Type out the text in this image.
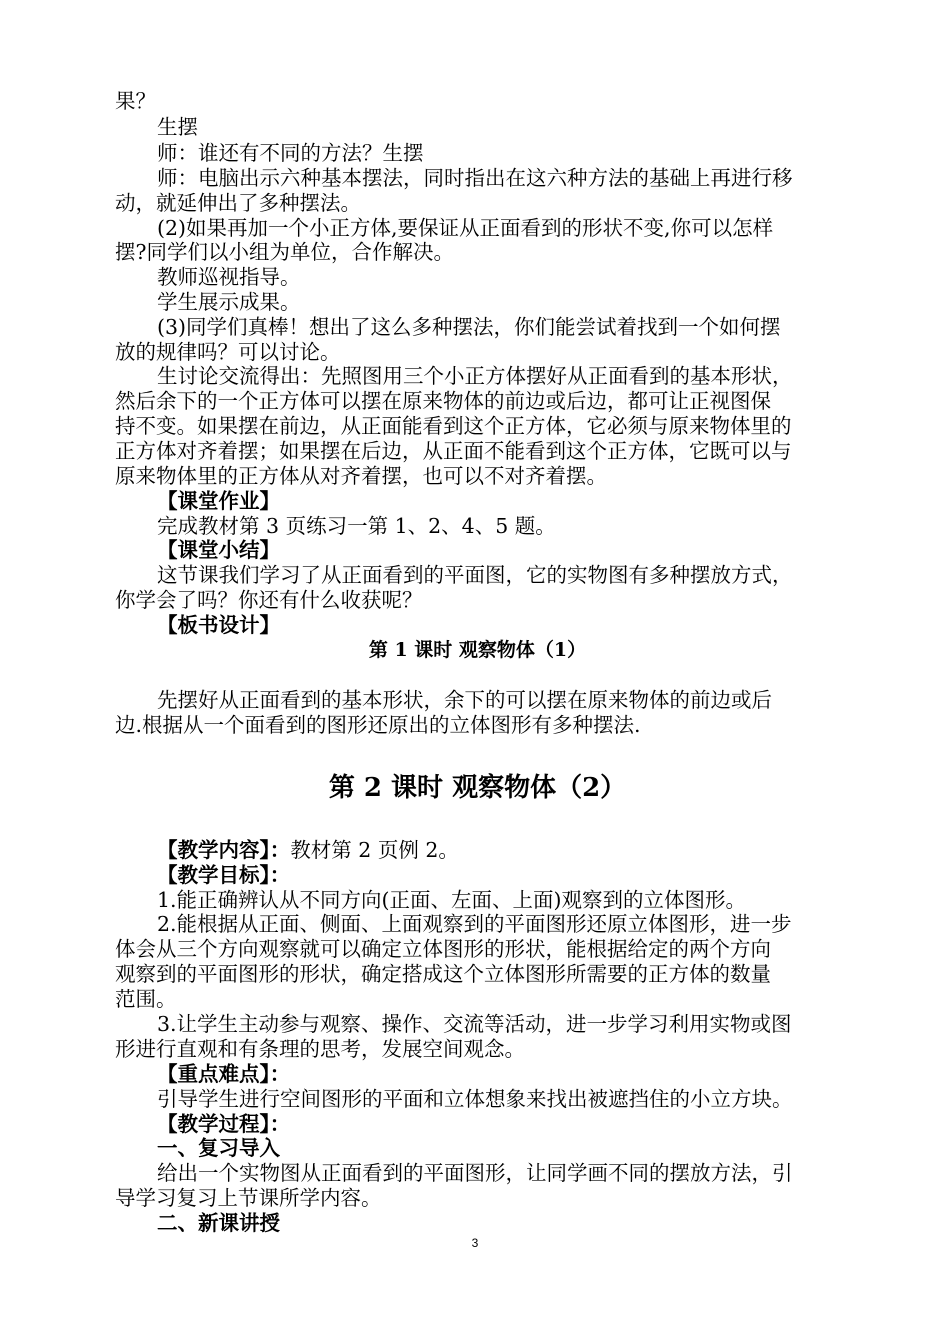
果？
生摆
师：谁还有不同的方法？生摆
师：电脑出示六种基本摆法，同时指出在这六种方法的基础上再进行移
动，就延伸出了多种摆法。
(2)如果再加一个小正方体,要保证从正面看到的形状不变,你可以怎样
摆?同学们以小组为单位，合作解决。
教师巡视指导。
学生展示成果。
(3)同学们真棒！想出了这么多种摆法，你们能尝试着找到一个如何摆
放的规律吗？可以讨论。
生讨论交流得出：先照图用三个小正方体摆好从正面看到的基本形状，
然后余下的一个正方体可以摆在原来物体的前边或后边，都可让正视图保
持不变。如果摆在前边，从正面能看到这个正方体，它必须与原来物体里的
正方体对齐着摆；如果摆在后边，从正面不能看到这个正方体，它既可以与
原来物体里的正方体从对齐着摆，也可以不对齐着摆。
【课堂作业】
完成教材第 3 页练习一第 1、2、4、5 题。
【课堂小结】
这节课我们学习了从正面看到的平面图，它的实物图有多种摆放方式，
你学会了吗？你还有什么收获呢？
【板书设计】
第 1 课时 观察物体（1）
先摆好从正面看到的基本形状，余下的可以摆在原来物体的前边或后
边.根据从一个面看到的图形还原出的立体图形有多种摆法.
第 2 课时 观察物体（2）
【教学内容】：教材第 2 页例 2。
【教学目标】：
1.能正确辨认从不同方向(正面、左面、上面)观察到的立体图形。
2.能根据从正面、侧面、上面观察到的平面图形还原立体图形，进一步
体会从三个方向观察就可以确定立体图形的形状，能根据给定的两个方向
观察到的平面图形的形状，确定搭成这个立体图形所需要的正方体的数量
范围。
3.让学生主动参与观察、操作、交流等活动，进一步学习利用实物或图
形进行直观和有条理的思考，发展空间观念。
【重点难点】：
引导学生进行空间图形的平面和立体想象来找出被遮挡住的小立方块。
【教学过程】：
一、复习导入
给出一个实物图从正面看到的平面图形，让同学画不同的摆放方法，引
导学习复习上节课所学内容。
二、新课讲授
3
